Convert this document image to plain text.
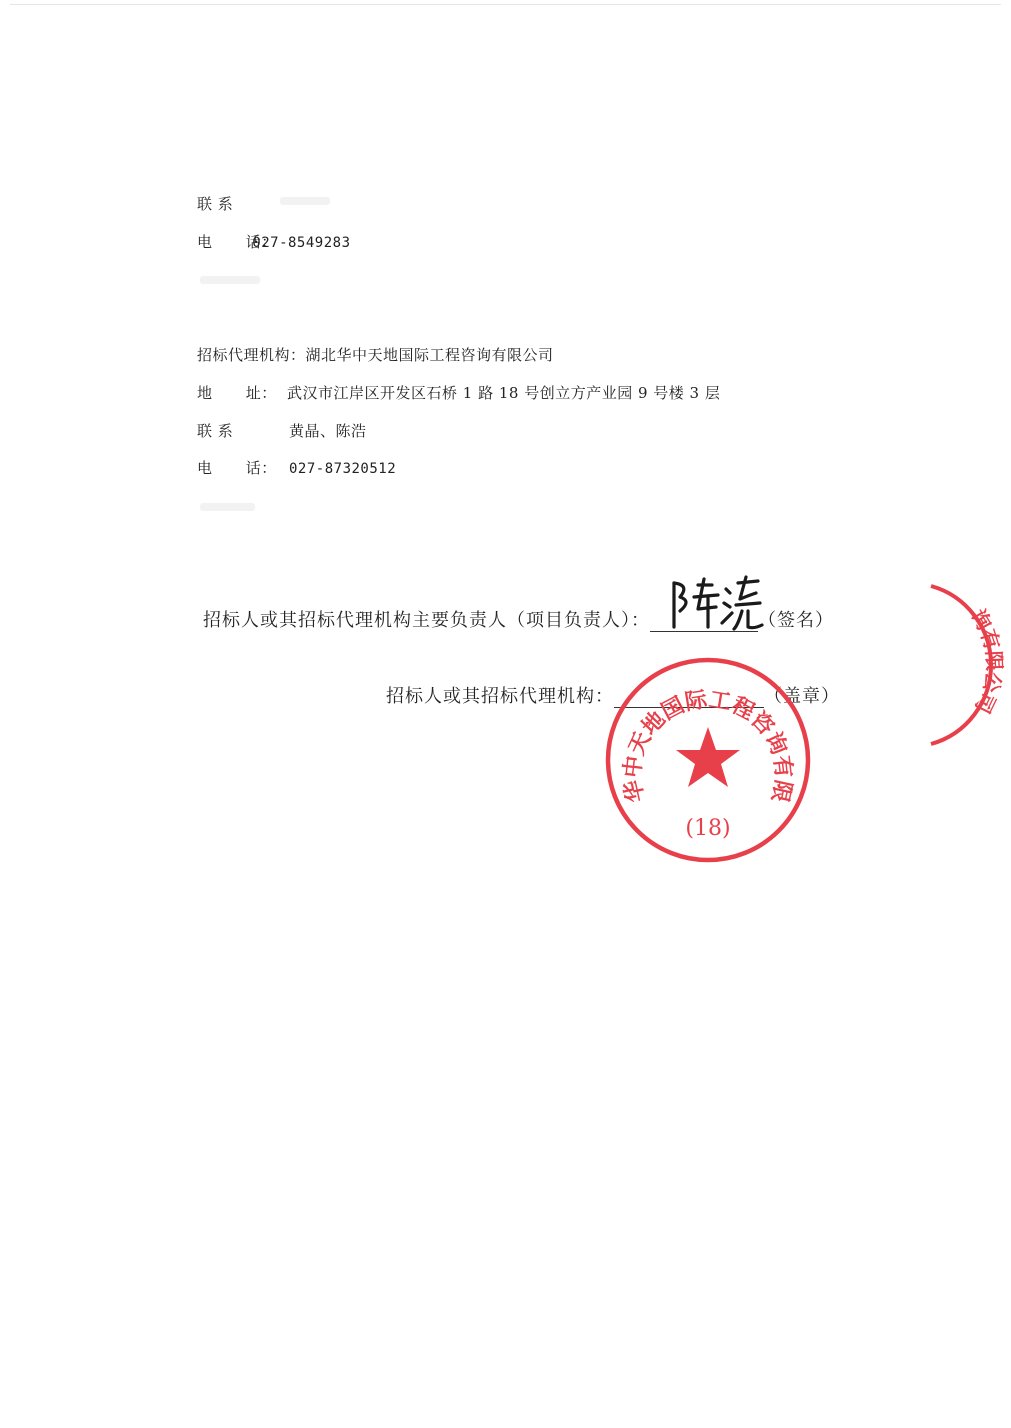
联 系
电 话： 027-8549283
招标代理机构：湖北华中天地国际工程咨询有限公司
地 址： 武汉市江岸区开发区石桥 1 路 18 号创立方产业园 9 号楼 3 层
联 系	黄晶、陈浩
电 话： 027-87320512
招标人或其招标代理机构主要负责人（项目负责人）：	（签名）
招标人或其招标代理机构：	（盖章）
湖北华中天地国际工程咨询有限公司
(18)
询有限公司
